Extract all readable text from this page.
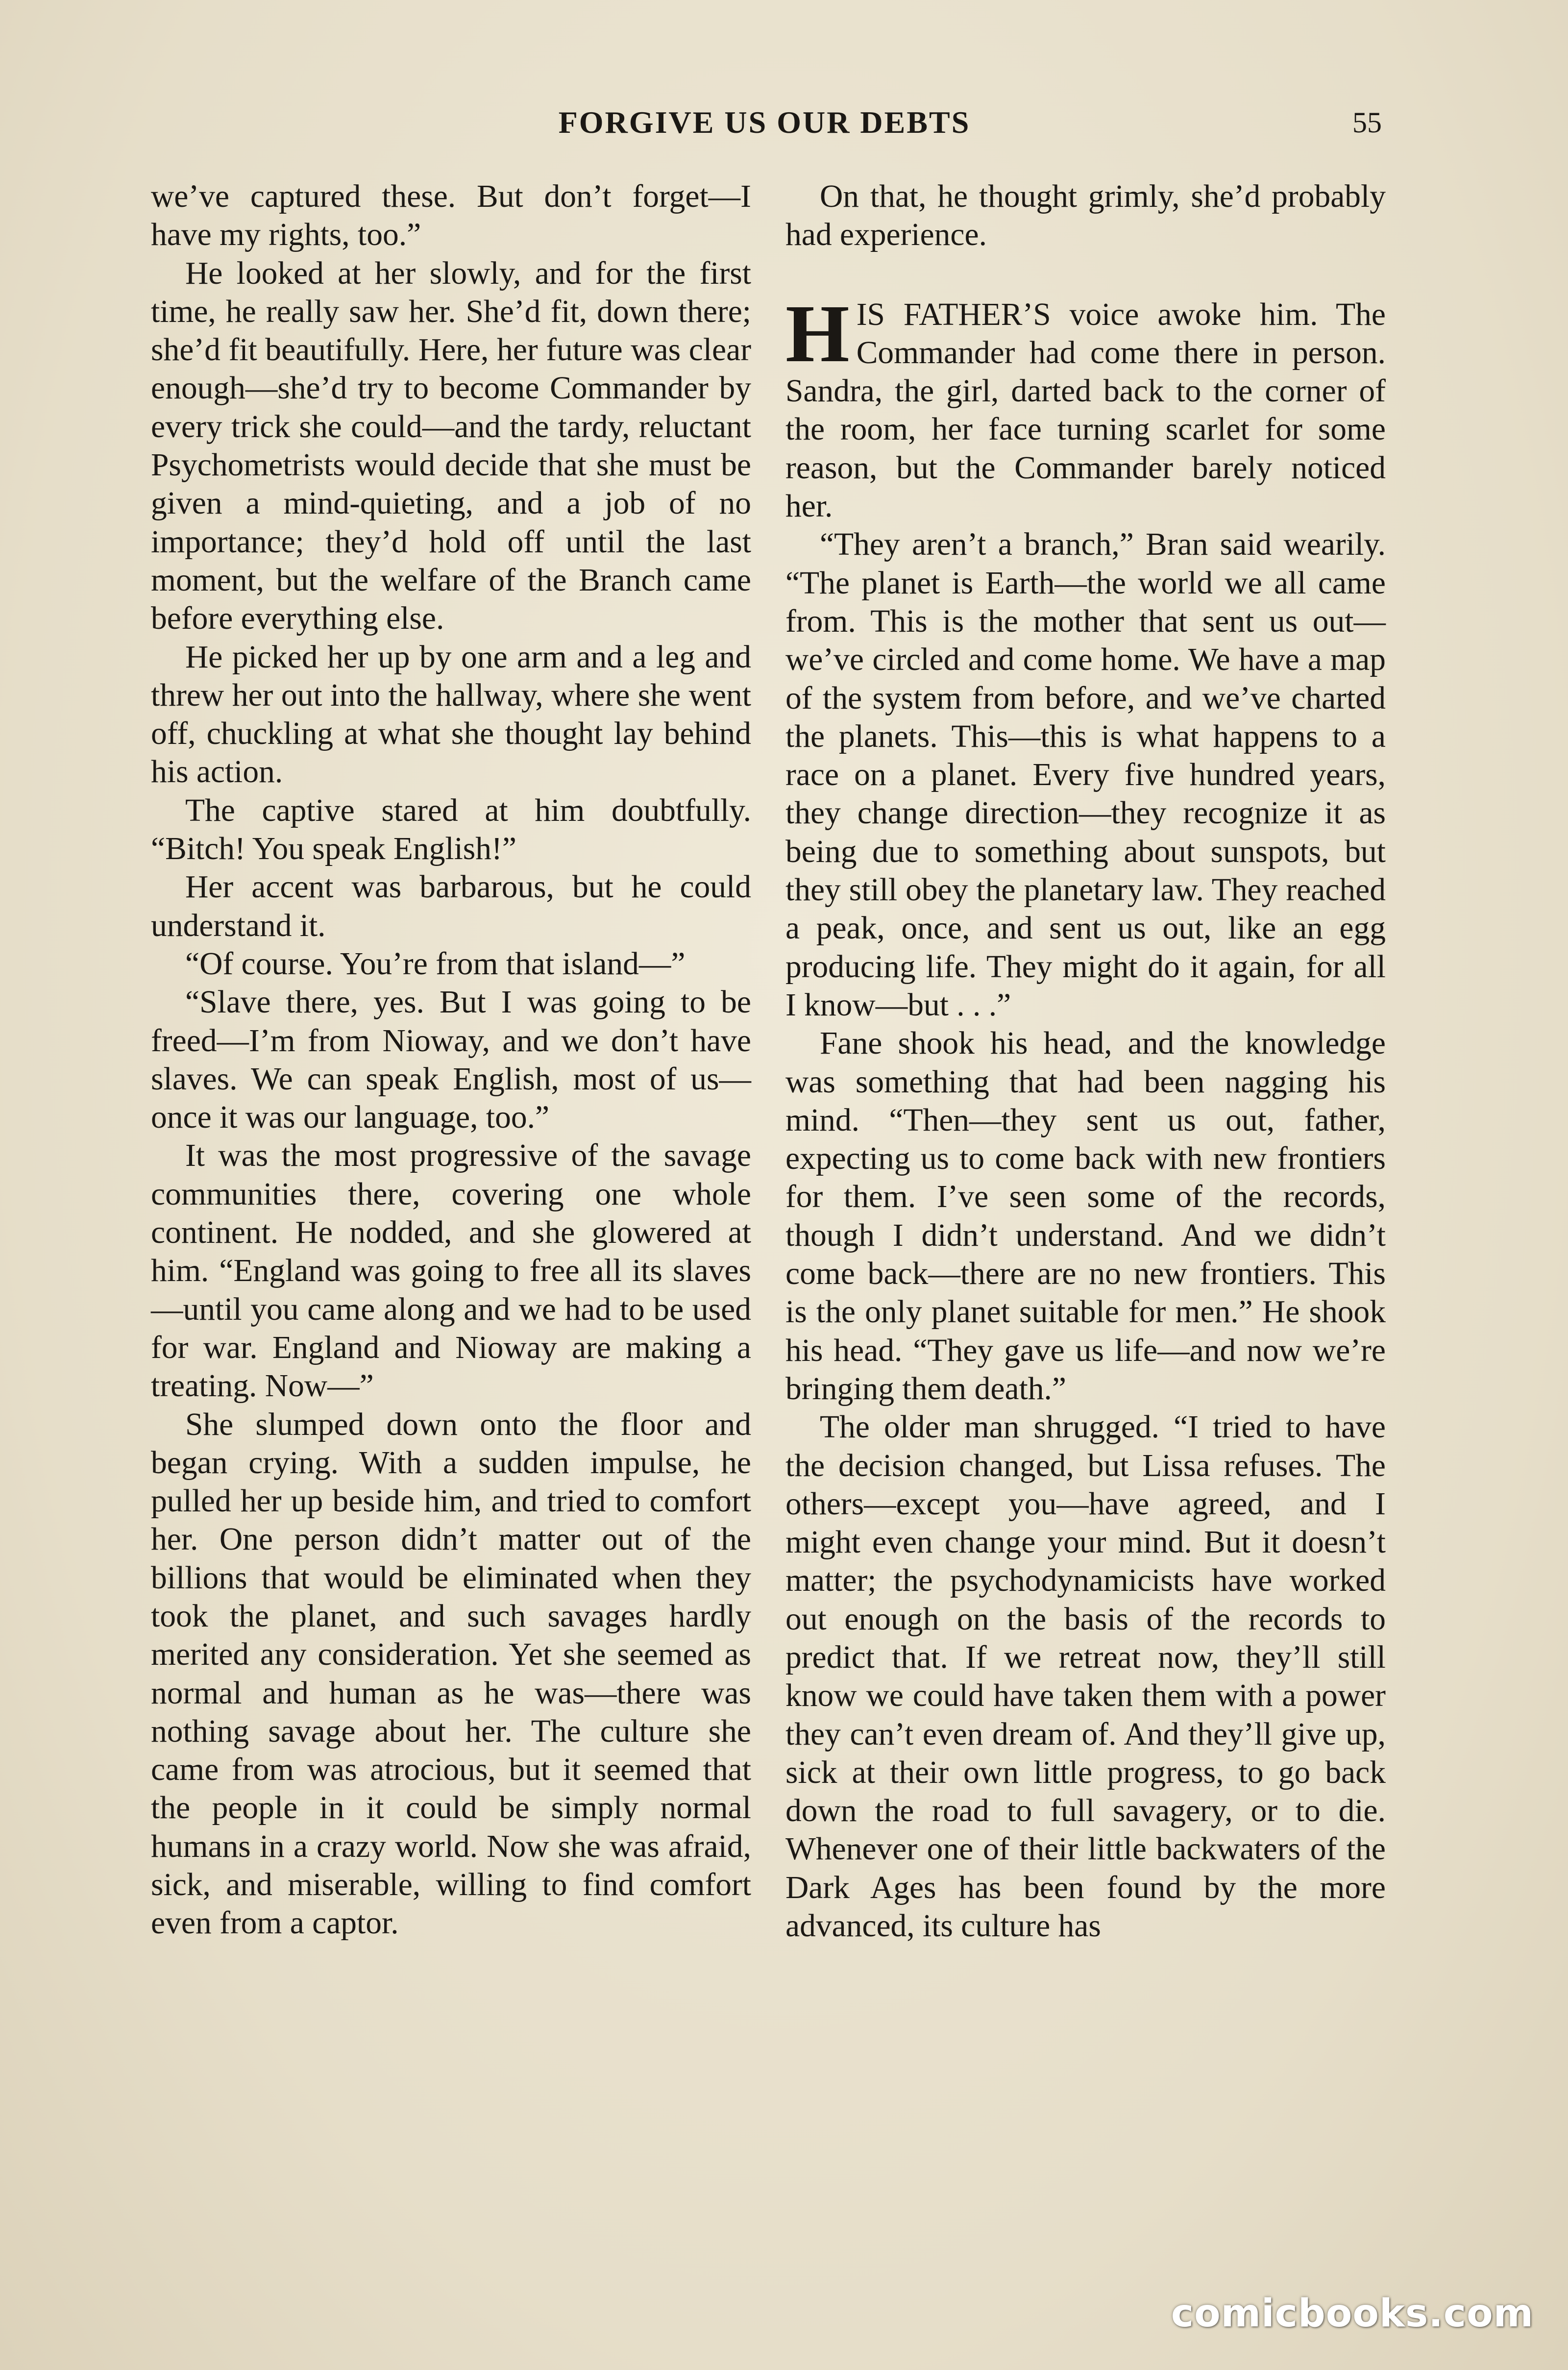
FORGIVE US OUR DEBTS	55

we’ve captured these. But don’t forget—I have my rights, too.”

He looked at her slowly, and for the first time, he really saw her. She’d fit, down there; she’d fit beautifully. Here, her future was clear enough—she’d try to become Commander by every trick she could—and the tardy, reluctant Psychometrists would decide that she must be given a mind-quieting, and a job of no importance; they’d hold off until the last moment, but the welfare of the Branch came before everything else.

He picked her up by one arm and a leg and threw her out into the hallway, where she went off, chuckling at what she thought lay behind his action.

The captive stared at him doubtfully. “Bitch! You speak English!”

Her accent was barbarous, but he could understand it.

“Of course. You’re from that island—”

“Slave there, yes. But I was going to be freed—I’m from Nioway, and we don’t have slaves. We can speak English, most of us—once it was our language, too.”

It was the most progressive of the savage communities there, covering one whole continent. He nodded, and she glowered at him. “England was going to free all its slaves—until you came along and we had to be used for war. England and Nioway are making a treating. Now—”

She slumped down onto the floor and began crying. With a sudden impulse, he pulled her up beside him, and tried to comfort her. One person didn’t matter out of the billions that would be eliminated when they took the planet, and such savages hardly merited any consideration. Yet she seemed as normal and human as he was—there was nothing savage about her. The culture she came from was atrocious, but it seemed that the people in it could be simply normal humans in a crazy world. Now she was afraid, sick, and miserable, willing to find comfort even from a captor.

On that, he thought grimly, she’d probably had experience.

HIS FATHER’S voice awoke him. The Commander had come there in person. Sandra, the girl, darted back to the corner of the room, her face turning scarlet for some reason, but the Commander barely noticed her.

“They aren’t a branch,” Bran said wearily. “The planet is Earth—the world we all came from. This is the mother that sent us out—we’ve circled and come home. We have a map of the system from before, and we’ve charted the planets. This—this is what happens to a race on a planet. Every five hundred years, they change direction—they recognize it as being due to something about sunspots, but they still obey the planetary law. They reached a peak, once, and sent us out, like an egg producing life. They might do it again, for all I know—but . . .”

Fane shook his head, and the knowledge was something that had been nagging his mind. “Then—they sent us out, father, expecting us to come back with new frontiers for them. I’ve seen some of the records, though I didn’t understand. And we didn’t come back—there are no new frontiers. This is the only planet suitable for men.” He shook his head. “They gave us life—and now we’re bringing them death.”

The older man shrugged. “I tried to have the decision changed, but Lissa refuses. The others—except you—have agreed, and I might even change your mind. But it doesn’t matter; the psychodynamicists have worked out enough on the basis of the records to predict that. If we retreat now, they’ll still know we could have taken them with a power they can’t even dream of. And they’ll give up, sick at their own little progress, to go back down the road to full savagery, or to die. Whenever one of their little backwaters of the Dark Ages has been found by the more advanced, its culture has

comicbooks.com
